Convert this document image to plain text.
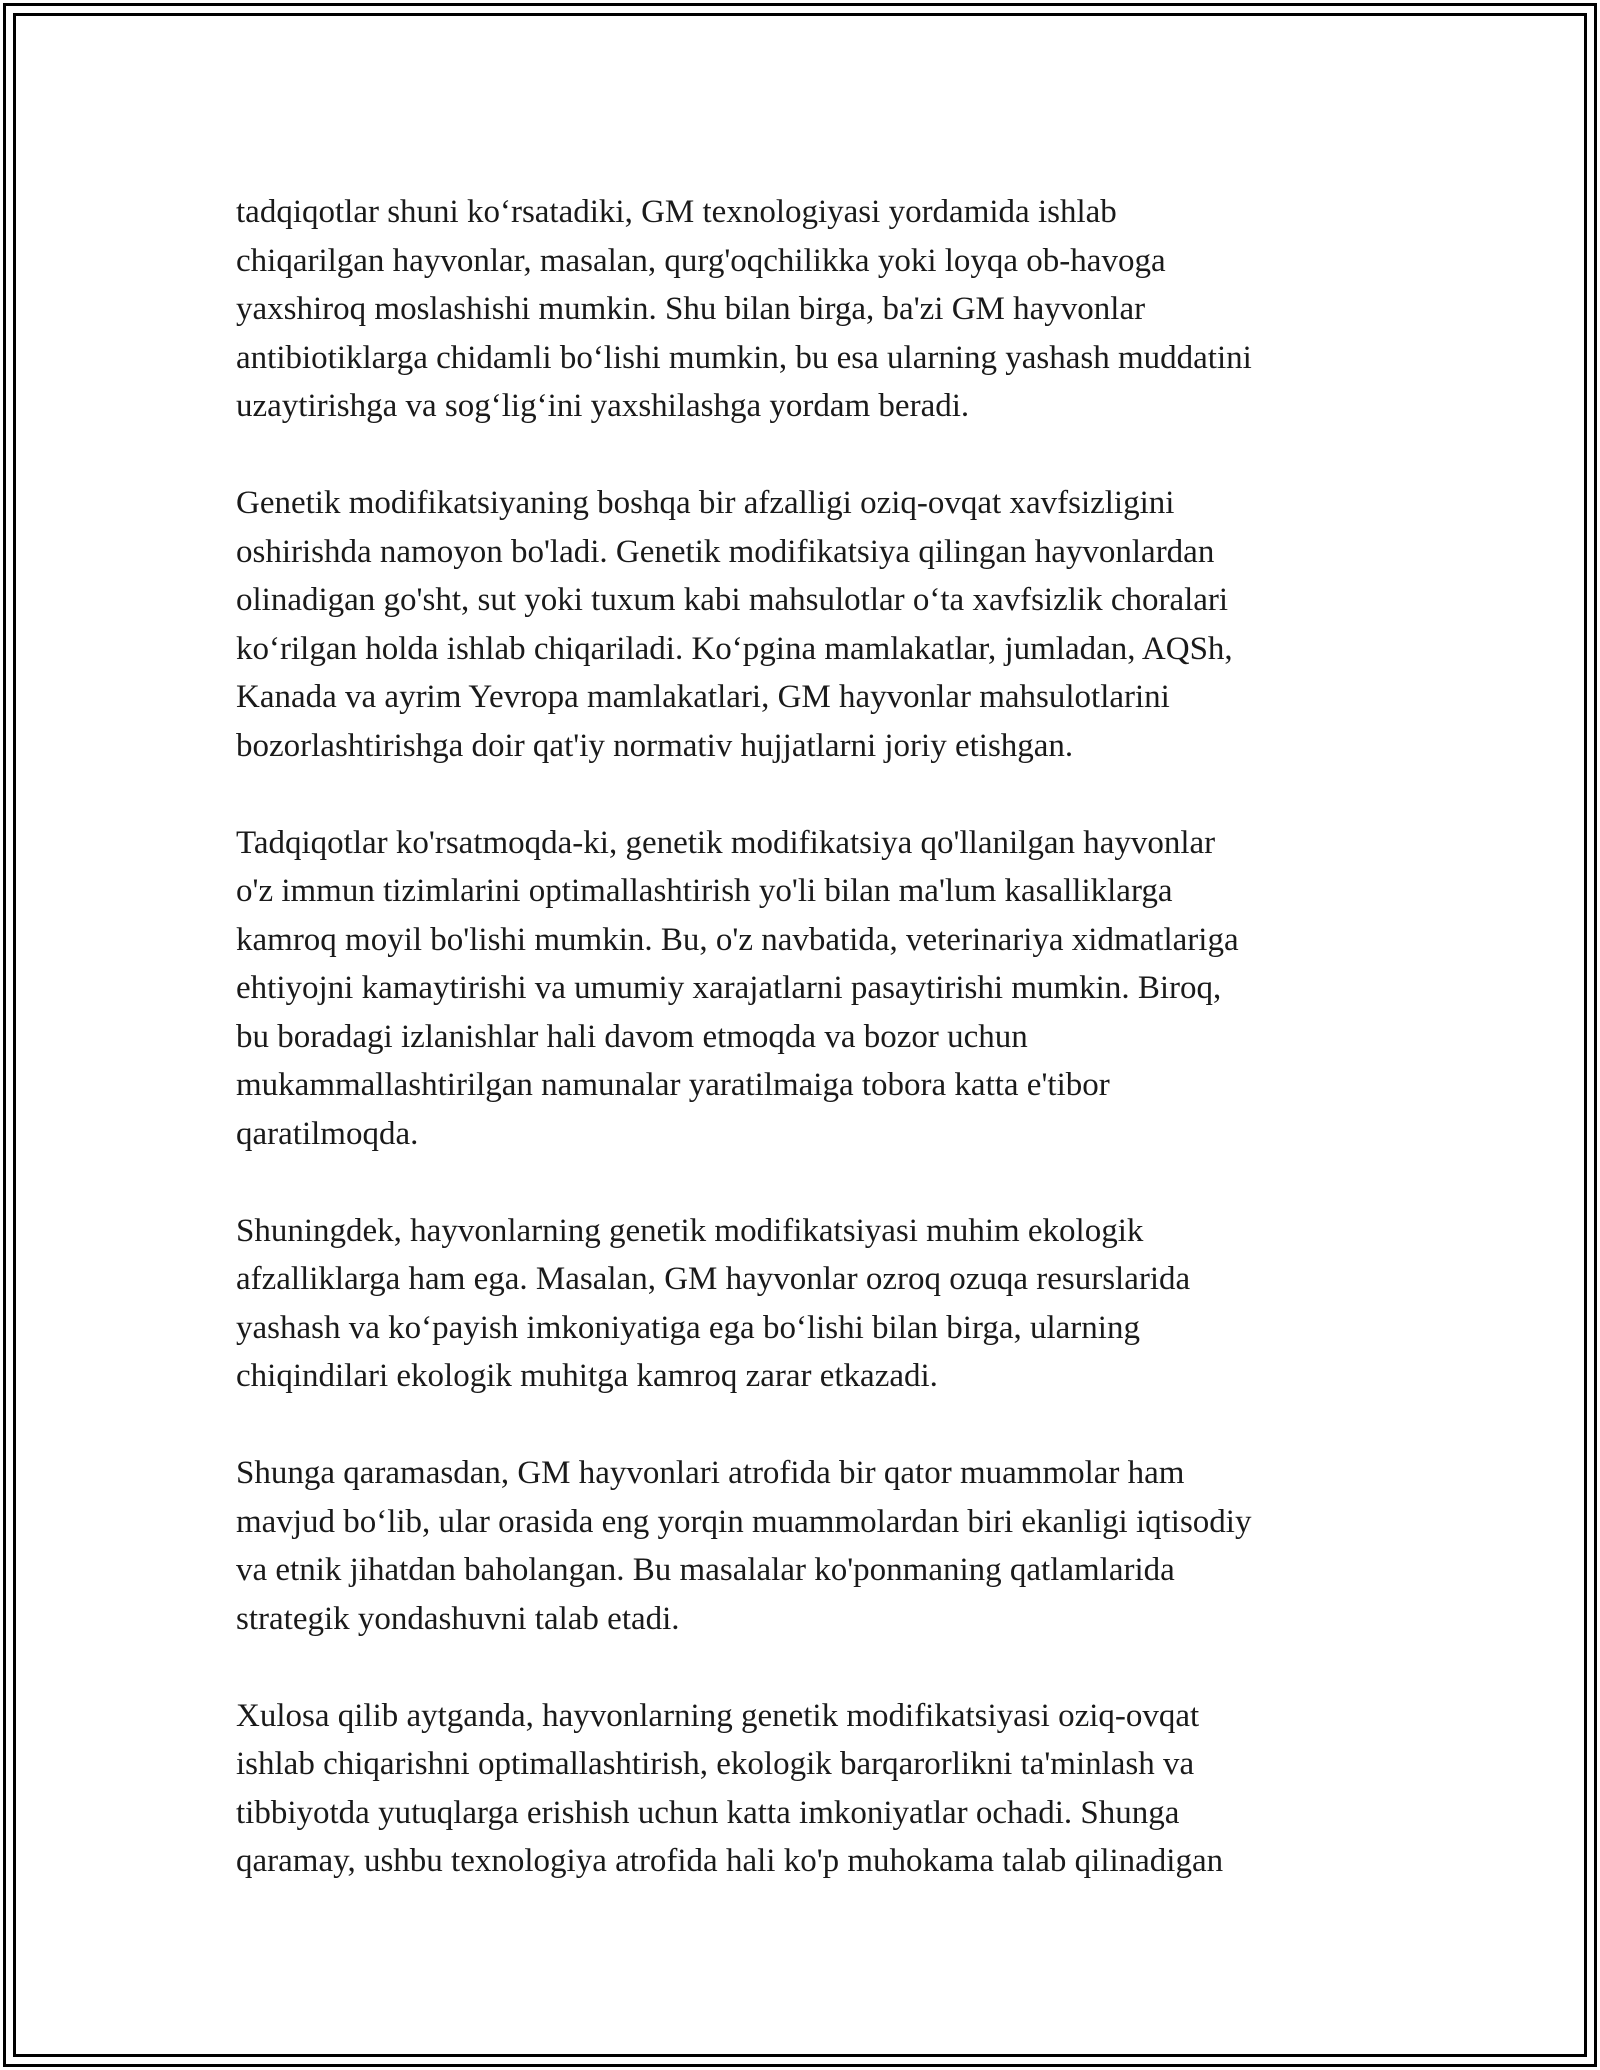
tadqiqotlar shuni ko‘rsatadiki, GM texnologiyasi yordamida ishlab
chiqarilgan hayvonlar, masalan, qurg'oqchilikka yoki loyqa ob-havoga
yaxshiroq moslashishi mumkin. Shu bilan birga, ba'zi GM hayvonlar
antibiotiklarga chidamli bo‘lishi mumkin, bu esa ularning yashash muddatini
uzaytirishga va sog‘lig‘ini yaxshilashga yordam beradi.

Genetik modifikatsiyaning boshqa bir afzalligi oziq-ovqat xavfsizligini
oshirishda namoyon bo'ladi. Genetik modifikatsiya qilingan hayvonlardan
olinadigan go'sht, sut yoki tuxum kabi mahsulotlar o‘ta xavfsizlik choralari
ko‘rilgan holda ishlab chiqariladi. Ko‘pgina mamlakatlar, jumladan, AQSh,
Kanada va ayrim Yevropa mamlakatlari, GM hayvonlar mahsulotlarini
bozorlashtirishga doir qat'iy normativ hujjatlarni joriy etishgan.

Tadqiqotlar ko'rsatmoqda-ki, genetik modifikatsiya qo'llanilgan hayvonlar
o'z immun tizimlarini optimallashtirish yo'li bilan ma'lum kasalliklarga
kamroq moyil bo'lishi mumkin. Bu, o'z navbatida, veterinariya xidmatlariga
ehtiyojni kamaytirishi va umumiy xarajatlarni pasaytirishi mumkin. Biroq,
bu boradagi izlanishlar hali davom etmoqda va bozor uchun
mukammallashtirilgan namunalar yaratilmaiga tobora katta e'tibor
qaratilmoqda.

Shuningdek, hayvonlarning genetik modifikatsiyasi muhim ekologik
afzalliklarga ham ega. Masalan, GM hayvonlar ozroq ozuqa resurslarida
yashash va ko‘payish imkoniyatiga ega bo‘lishi bilan birga, ularning
chiqindilari ekologik muhitga kamroq zarar etkazadi.

Shunga qaramasdan, GM hayvonlari atrofida bir qator muammolar ham
mavjud bo‘lib, ular orasida eng yorqin muammolardan biri ekanligi iqtisodiy
va etnik jihatdan baholangan. Bu masalalar ko'ponmaning qatlamlarida
strategik yondashuvni talab etadi.

Xulosa qilib aytganda, hayvonlarning genetik modifikatsiyasi oziq-ovqat
ishlab chiqarishni optimallashtirish, ekologik barqarorlikni ta'minlash va
tibbiyotda yutuqlarga erishish uchun katta imkoniyatlar ochadi. Shunga
qaramay, ushbu texnologiya atrofida hali ko'p muhokama talab qilinadigan
